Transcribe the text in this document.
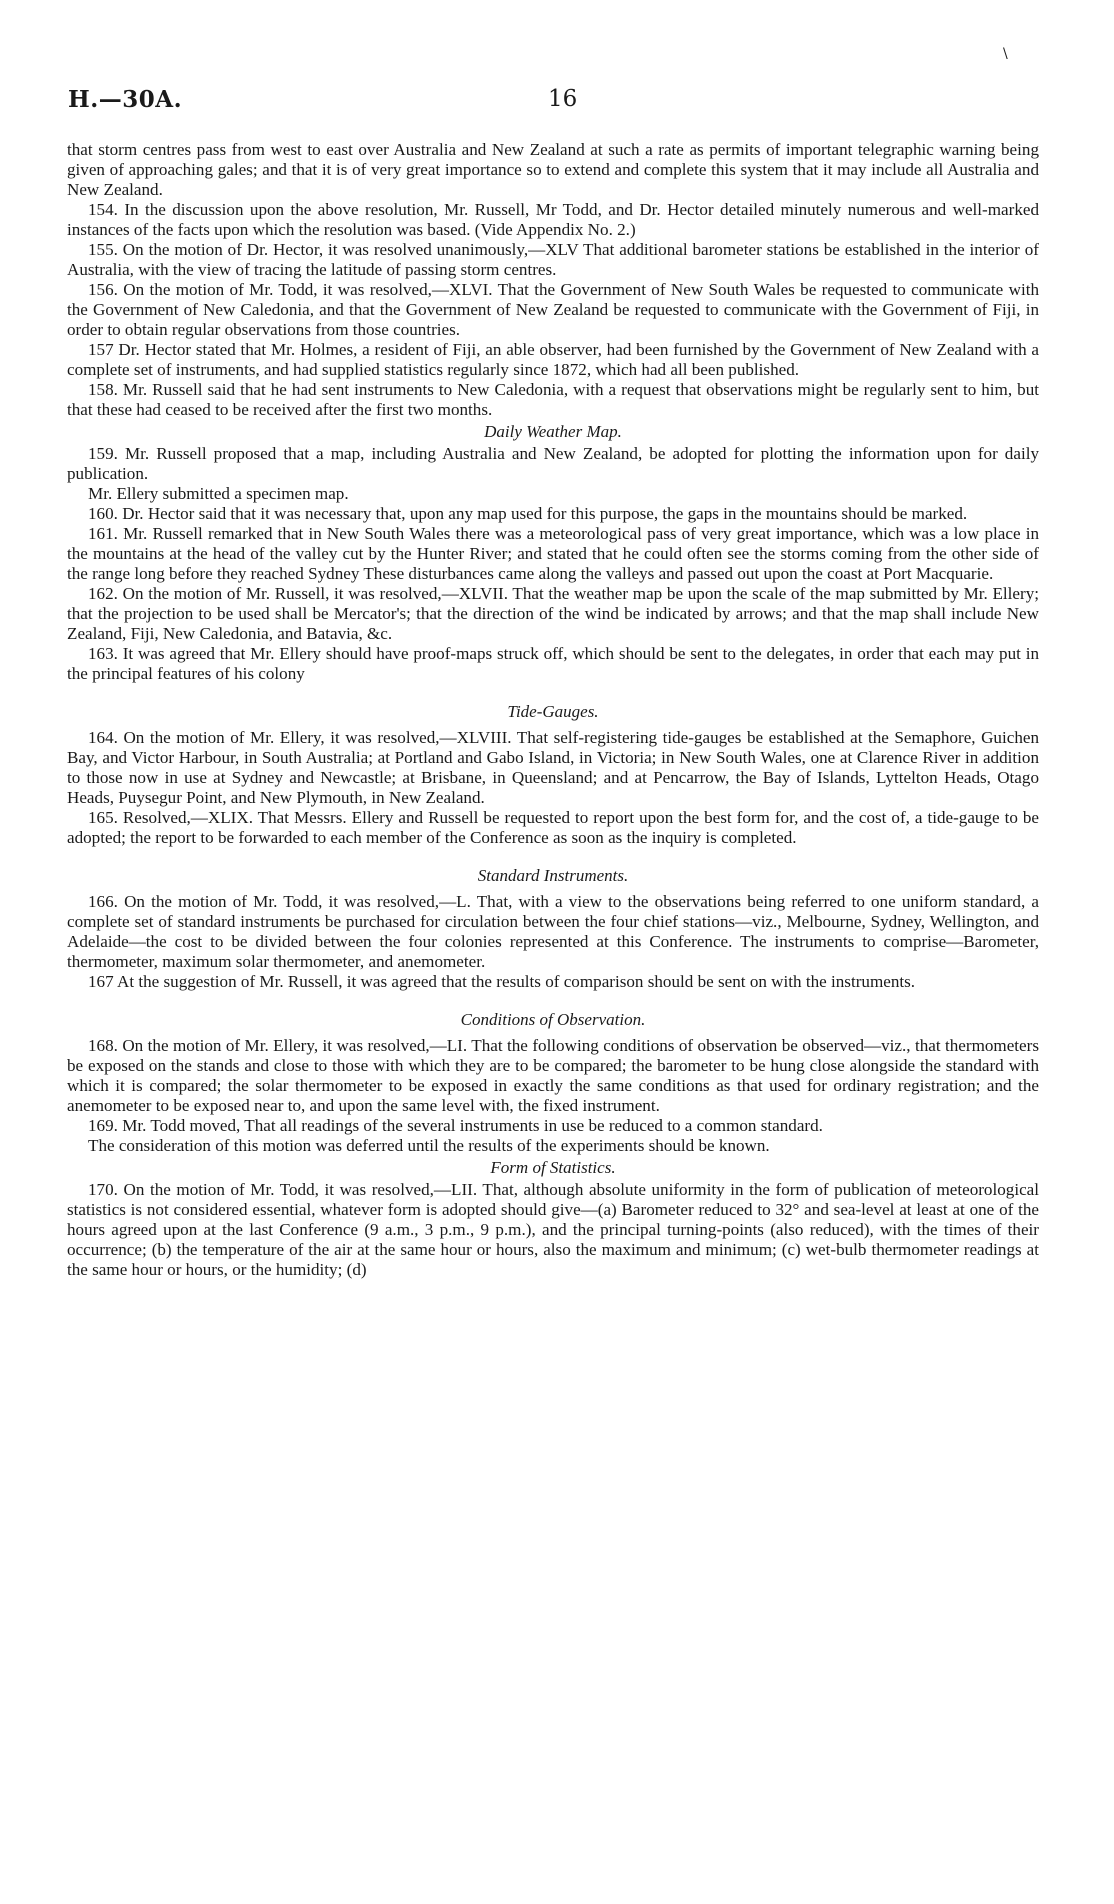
\
H.—30A.	16

that storm centres pass from west to east over Australia and New Zealand at such a rate as permits of important telegraphic warning being given of approaching gales; and that it is of very great importance so to extend and complete this system that it may include all Australia and New Zealand.

154. In the discussion upon the above resolution, Mr. Russell, Mr Todd, and Dr. Hector detailed minutely numerous and well-marked instances of the facts upon which the resolution was based. (Vide Appendix No. 2.)

155. On the motion of Dr. Hector, it was resolved unanimously,—XLV That additional barometer stations be established in the interior of Australia, with the view of tracing the latitude of passing storm centres.

156. On the motion of Mr. Todd, it was resolved,—XLVI. That the Government of New South Wales be requested to communicate with the Government of New Caledonia, and that the Government of New Zealand be requested to communicate with the Government of Fiji, in order to obtain regular observations from those countries.

157 Dr. Hector stated that Mr. Holmes, a resident of Fiji, an able observer, had been furnished by the Government of New Zealand with a complete set of instruments, and had supplied statistics regularly since 1872, which had all been published.

158. Mr. Russell said that he had sent instruments to New Caledonia, with a request that observations might be regularly sent to him, but that these had ceased to be received after the first two months.

Daily Weather Map.

159. Mr. Russell proposed that a map, including Australia and New Zealand, be adopted for plotting the information upon for daily publication.

Mr. Ellery submitted a specimen map.

160. Dr. Hector said that it was necessary that, upon any map used for this purpose, the gaps in the mountains should be marked.

161. Mr. Russell remarked that in New South Wales there was a meteorological pass of very great importance, which was a low place in the mountains at the head of the valley cut by the Hunter River; and stated that he could often see the storms coming from the other side of the range long before they reached Sydney These disturbances came along the valleys and passed out upon the coast at Port Macquarie.

162. On the motion of Mr. Russell, it was resolved,—XLVII. That the weather map be upon the scale of the map submitted by Mr. Ellery; that the projection to be used shall be Mercator's; that the direction of the wind be indicated by arrows; and that the map shall include New Zealand, Fiji, New Caledonia, and Batavia, &c.

163. It was agreed that Mr. Ellery should have proof-maps struck off, which should be sent to the delegates, in order that each may put in the principal features of his colony

Tide-Gauges.

164. On the motion of Mr. Ellery, it was resolved,—XLVIII. That self-registering tide-gauges be established at the Semaphore, Guichen Bay, and Victor Harbour, in South Australia; at Portland and Gabo Island, in Victoria; in New South Wales, one at Clarence River in addition to those now in use at Sydney and Newcastle; at Brisbane, in Queensland; and at Pencarrow, the Bay of Islands, Lyttelton Heads, Otago Heads, Puysegur Point, and New Plymouth, in New Zealand.

165. Resolved,—XLIX. That Messrs. Ellery and Russell be requested to report upon the best form for, and the cost of, a tide-gauge to be adopted; the report to be forwarded to each member of the Conference as soon as the inquiry is completed.

Standard Instruments.

166. On the motion of Mr. Todd, it was resolved,—L. That, with a view to the observations being referred to one uniform standard, a complete set of standard instruments be purchased for circulation between the four chief stations—viz., Melbourne, Sydney, Wellington, and Adelaide—the cost to be divided between the four colonies represented at this Conference. The instruments to comprise—Barometer, thermometer, maximum solar thermometer, and anemometer.

167 At the suggestion of Mr. Russell, it was agreed that the results of comparison should be sent on with the instruments.

Conditions of Observation.

168. On the motion of Mr. Ellery, it was resolved,—LI. That the following conditions of observation be observed—viz., that thermometers be exposed on the stands and close to those with which they are to be compared; the barometer to be hung close alongside the standard with which it is compared; the solar thermometer to be exposed in exactly the same conditions as that used for ordinary registration; and the anemometer to be exposed near to, and upon the same level with, the fixed instrument.

169. Mr. Todd moved, That all readings of the several instruments in use be reduced to a common standard.

The consideration of this motion was deferred until the results of the experiments should be known.

Form of Statistics.

170. On the motion of Mr. Todd, it was resolved,—LII. That, although absolute uniformity in the form of publication of meteorological statistics is not considered essential, whatever form is adopted should give—(a) Barometer reduced to 32° and sea-level at least at one of the hours agreed upon at the last Conference (9 a.m., 3 p.m., 9 p.m.), and the principal turning-points (also reduced), with the times of their occurrence; (b) the temperature of the air at the same hour or hours, also the maximum and minimum; (c) wet-bulb thermometer readings at the same hour or hours, or the humidity; (d)
